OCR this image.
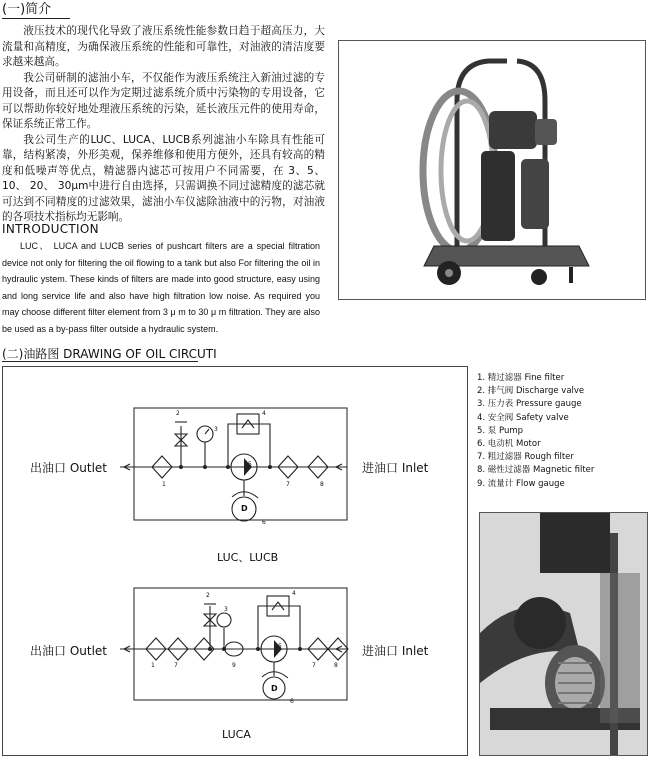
(一)简介

液压技术的现代化导致了液压系统性能参数日趋于超高压力，大流量和高精度，为确保液压系统的性能和可靠性，对油液的清洁度要求越来越高。

我公司研制的滤油小车，不仅能作为液压系统注入新油过滤的专用设备，而且还可以作为定期过滤系统介质中污染物的专用设备，它可以帮助你较好地处理液压系统的污染，延长液压元件的使用寿命，保证系统正常工作。

我公司生产的LUC、LUCA、LUCB系列滤油小车除具有性能可靠，结构紧凑，外形美观，保养维修和使用方便外，还具有较高的精度和低噪声等优点，精滤器内滤芯可按用户不同需要，在 3、5、 10、 20、 30μm中进行自由选择，只需调换不同过滤精度的滤芯就可达到不同精度的过滤效果，滤油小车仪滤除油液中的污物，对油液的各项技术指标均无影响。

INTRODUCTION

LUC、 LUCA and LUCB series of pushcart filters are a special filtration device not only for filtering the oil flowing to a tank but also For filtering the oil in hydraulic ystem. These kinds of filters are made into good structure, easy using and long service life and also have high filtration low noise. As required you may choose different filter element from 3 μ m to 30 μ m filtration. They are also be used as a by-pass filter outside a hydraulic system.

(二)油路图 DRAWING OF OIL CIRCUTI
出油口 Outlet	进油口 Inlet
LUC、LUCB
1
2
3
4
5
6
7	8
D
出油口 Outlet	进油口 Inlet
LUCA
1	7
2
3
9
4
5
7	8
6
D
1. 精过滤器 Fine filter
2. 排气阀 Discharge valve
3. 压力表 Pressure gauge
4. 安全阀 Safety valve
5. 泵 Pump
6. 电动机 Motor
7. 粗过滤器 Rough filter
8. 磁性过滤器 Magnetic filter
9. 流量计 Flow gauge
